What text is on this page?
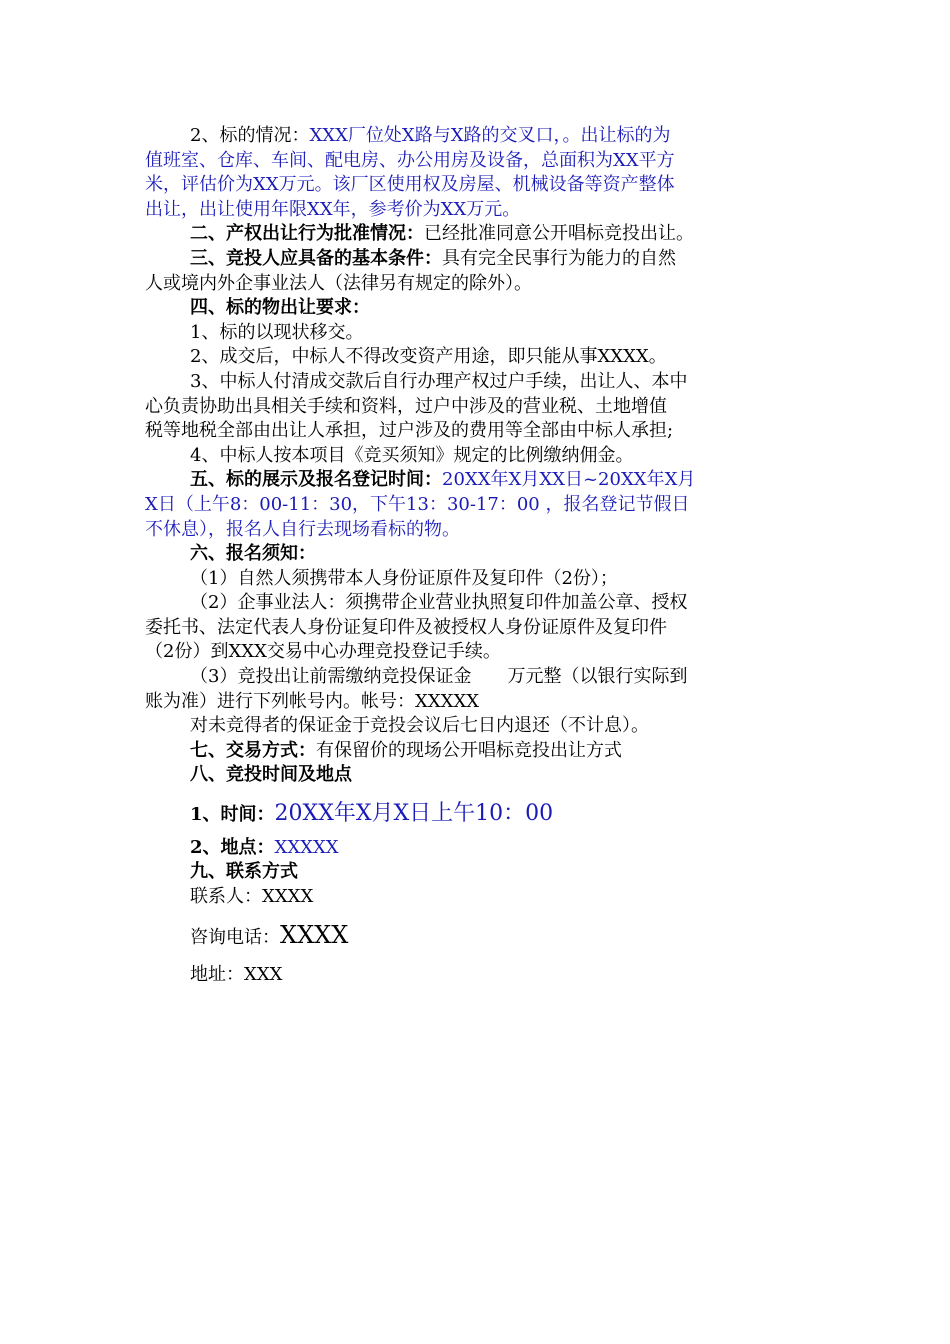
2、标的情况：XXX厂位处X路与X路的交叉口，。出让标的为

值班室、仓库、车间、配电房、办公用房及设备，总面积为XX平方

米，评估价为XX万元。该厂区使用权及房屋、机械设备等资产整体

出让，出让使用年限XX年，参考价为XX万元。

二、产权出让行为批准情况：已经批准同意公开唱标竞投出让。

三、竞投人应具备的基本条件：具有完全民事行为能力的自然

人或境内外企事业法人（法律另有规定的除外）。

四、标的物出让要求：

1、标的以现状移交。

2、成交后，中标人不得改变资产用途，即只能从事XXXX。

3、中标人付清成交款后自行办理产权过户手续，出让人、本中

心负责协助出具相关手续和资料，过户中涉及的营业税、土地增值

税等地税全部由出让人承担，过户涉及的费用等全部由中标人承担;

4、中标人按本项目《竞买须知》规定的比例缴纳佣金。

五、标的展示及报名登记时间：20XX年X月XX日~20XX年X月

X日（上午8：00-11：30，下午13：30-17：00 ，报名登记节假日

不休息），报名人自行去现场看标的物。

六、报名须知：

（1）自然人须携带本人身份证原件及复印件（2份）；

（2）企事业法人：须携带企业营业执照复印件加盖公章、授权

委托书、法定代表人身份证复印件及被授权人身份证原件及复印件

（2份）到XXX交易中心办理竞投登记手续。

（3）竞投出让前需缴纳竞投保证金　　万元整（以银行实际到

账为准）进行下列帐号内。帐号：XXXXX

对未竞得者的保证金于竞投会议后七日内退还（不计息）。

七、交易方式：有保留价的现场公开唱标竞投出让方式

八、竞投时间及地点

1、时间：20XX年X月X日上午10：00

2、地点：XXXXX

九、联系方式

联系人：XXXX

咨询电话：XXXX

地址：XXX
